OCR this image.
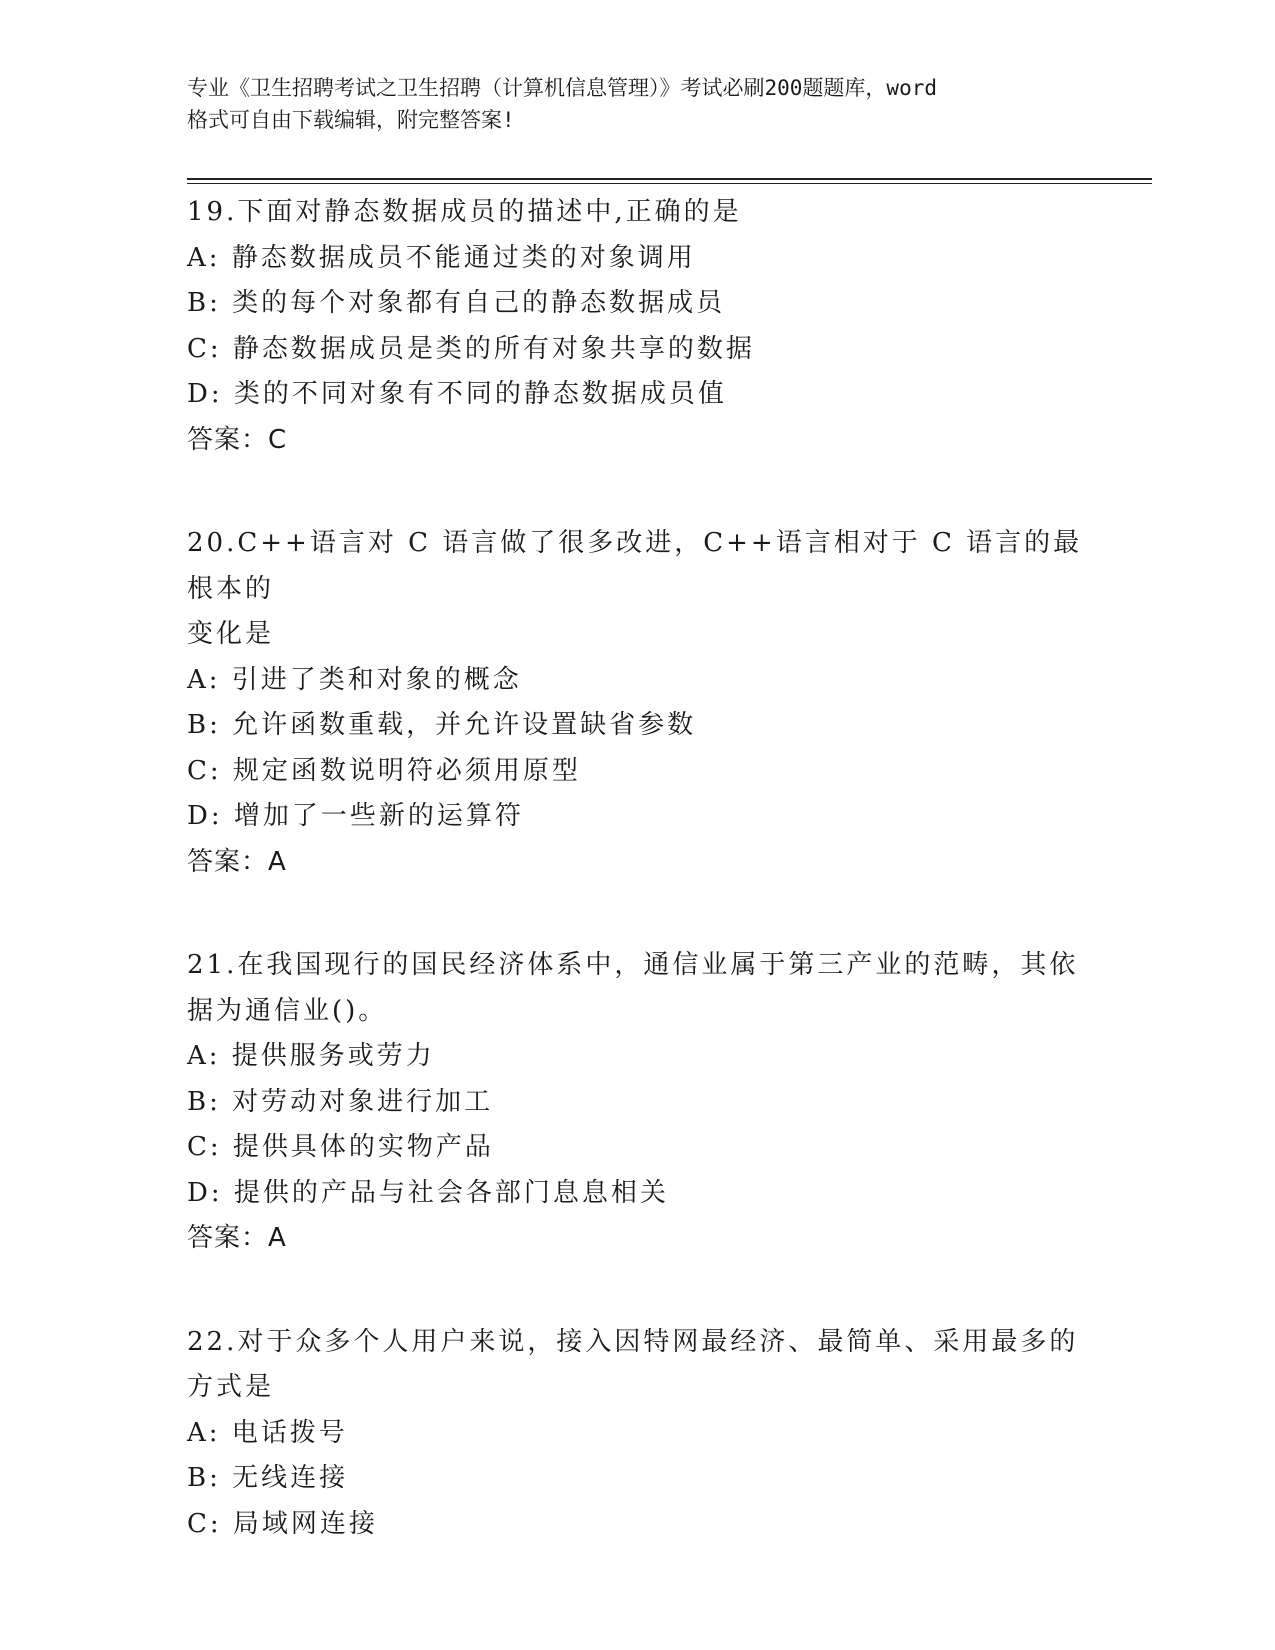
专业《卫生招聘考试之卫生招聘（计算机信息管理）》考试必刷200题题库，word
格式可自由下载编辑，附完整答案!
19.下面对静态数据成员的描述中,正确的是
A: 静态数据成员不能通过类的对象调用
B: 类的每个对象都有自己的静态数据成员
C: 静态数据成员是类的所有对象共享的数据
D: 类的不同对象有不同的静态数据成员值
答案：C
20.C++语言对 C 语言做了很多改进，C++语言相对于 C 语言的最根本的
变化是
A: 引进了类和对象的概念
B: 允许函数重载，并允许设置缺省参数
C: 规定函数说明符必须用原型
D: 增加了一些新的运算符
答案：A
21.在我国现行的国民经济体系中，通信业属于第三产业的范畴，其依
据为通信业()。
A: 提供服务或劳力
B: 对劳动对象进行加工
C: 提供具体的实物产品
D: 提供的产品与社会各部门息息相关
答案：A
22.对于众多个人用户来说，接入因特网最经济、最简单、采用最多的
方式是
A: 电话拨号
B: 无线连接
C: 局域网连接
